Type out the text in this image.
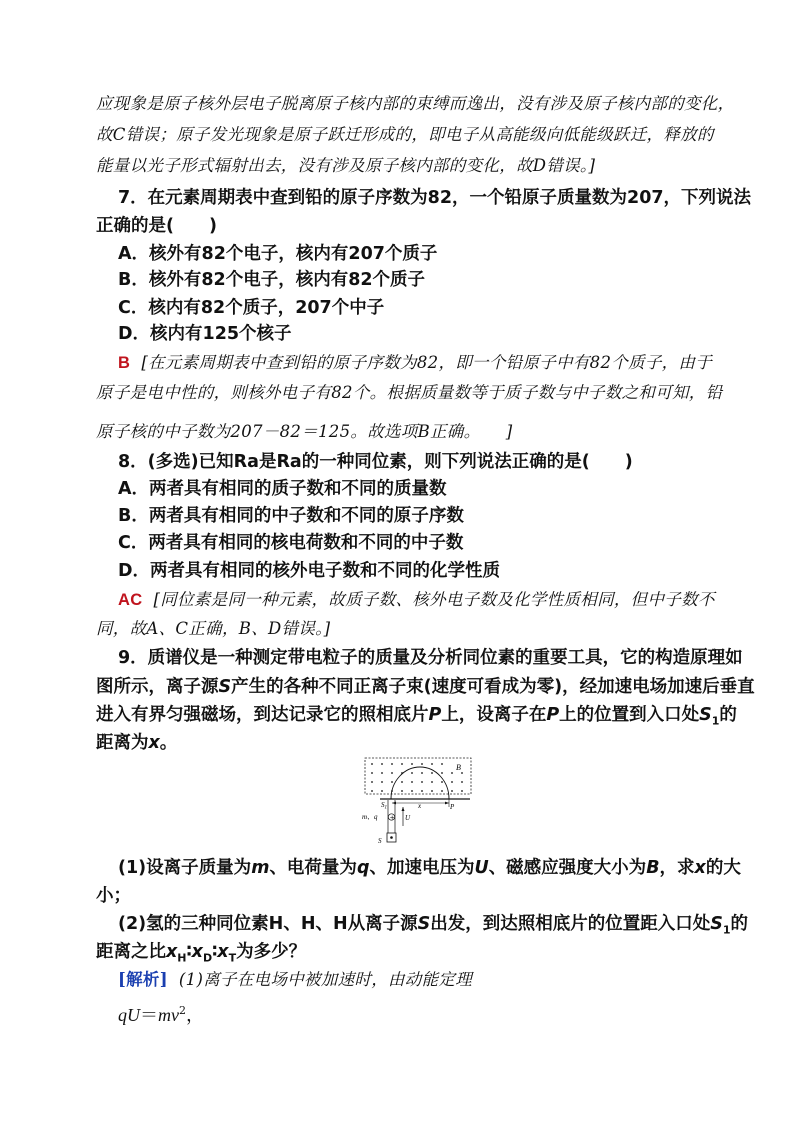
应现象是原子核外层电子脱离原子核内部的束缚而逸出，没有涉及原子核内部的变化，
故C错误；原子发光现象是原子跃迁形成的，即电子从高能级向低能级跃迁，释放的
能量以光子形式辐射出去，没有涉及原子核内部的变化，故D错误。]
7．在元素周期表中查到铅的原子序数为82，一个铅原子质量数为207，下列说法
正确的是(　　)
A．核外有82个电子，核内有207个质子
B．核外有82个电子，核内有82个质子
C．核内有82个质子，207个中子
D．核内有125个核子
B [在元素周期表中查到铅的原子序数为82，即一个铅原子中有82个质子，由于
原子是电中性的，则核外电子有82个。根据质量数等于质子数与中子数之和可知，铅
原子核的中子数为207－82＝125。故选项B正确。　　]
8．(多选)已知Ra是Ra的一种同位素，则下列说法正确的是(　　)
A．两者具有相同的质子数和不同的质量数
B．两者具有相同的中子数和不同的原子序数
C．两者具有相同的核电荷数和不同的中子数
D．两者具有相同的核外电子数和不同的化学性质
AC [同位素是同一种元素，故质子数、核外电子数及化学性质相同，但中子数不
同，故A、C正确，B、D错误。]
9．质谱仪是一种测定带电粒子的质量及分析同位素的重要工具，它的构造原理如
图所示，离子源S产生的各种不同正离子束(速度可看成为零)，经加速电场加速后垂直
进入有界匀强磁场，到达记录它的照相底片P上，设离子在P上的位置到入口处$S_1$的
距离为x。
+
B
$S_1$	x	P
m、q	U
S
(1)设离子质量为m、电荷量为q、加速电压为U、磁感应强度大小为B，求x的大
小；
(2)氢的三种同位素H、H、H从离子源S出发，到达照相底片的位置距入口处$S_1$的
距离之比$x_H∶x_D∶x_T$为多少？
[解析] (1)离子在电场中被加速时，由动能定理
$qU=mv^2$，
